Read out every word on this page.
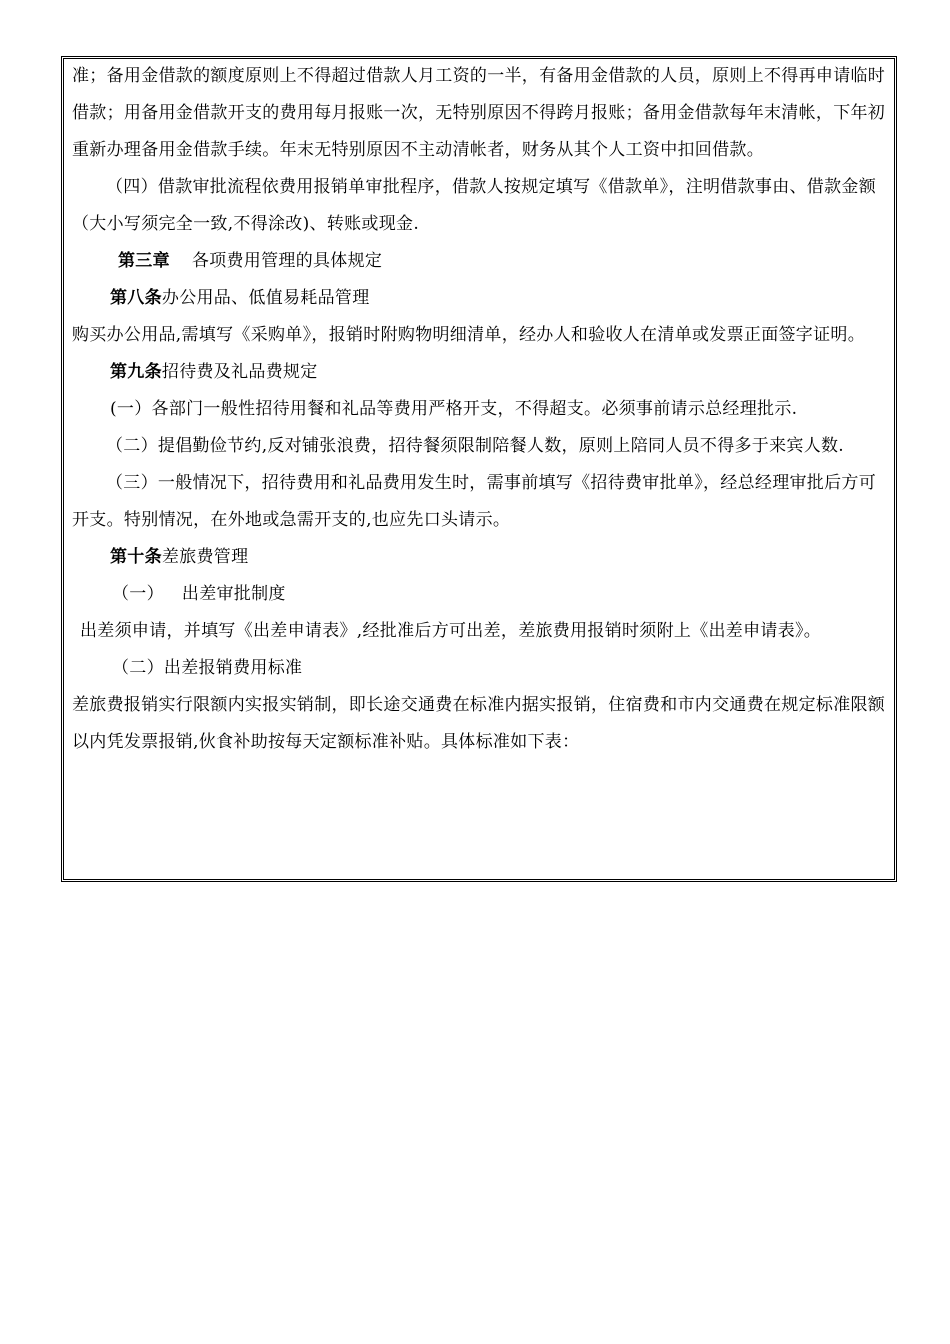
准；备用金借款的额度原则上不得超过借款人月工资的一半，有备用金借款的人员，原则上不得再申请临时借款；用备用金借款开支的费用每月报账一次，无特别原因不得跨月报账；备用金借款每年末清帐，下年初重新办理备用金借款手续。年末无特别原因不主动清帐者，财务从其个人工资中扣回借款。

（四）借款审批流程依费用报销单审批程序，借款人按规定填写《借款单》，注明借款事由、借款金额（大小写须完全一致,不得涂改)、转账或现金.

第三章 各项费用管理的具体规定

第八条办公用品、低值易耗品管理

购买办公用品,需填写《采购单》，报销时附购物明细清单，经办人和验收人在清单或发票正面签字证明。

第九条招待费及礼品费规定

(一）各部门一般性招待用餐和礼品等费用严格开支，不得超支。必须事前请示总经理批示.

（二）提倡勤俭节约,反对铺张浪费，招待餐须限制陪餐人数，原则上陪同人员不得多于来宾人数.

（三）一般情况下，招待费用和礼品费用发生时，需事前填写《招待费审批单》，经总经理审批后方可开支。特别情况，在外地或急需开支的,也应先口头请示。

第十条差旅费管理

（一） 出差审批制度

出差须申请，并填写《出差申请表》,经批准后方可出差，差旅费用报销时须附上《出差申请表》。

（二）出差报销费用标准

差旅费报销实行限额内实报实销制，即长途交通费在标准内据实报销，住宿费和市内交通费在规定标准限额以内凭发票报销,伙食补助按每天定额标准补贴。具体标准如下表：
